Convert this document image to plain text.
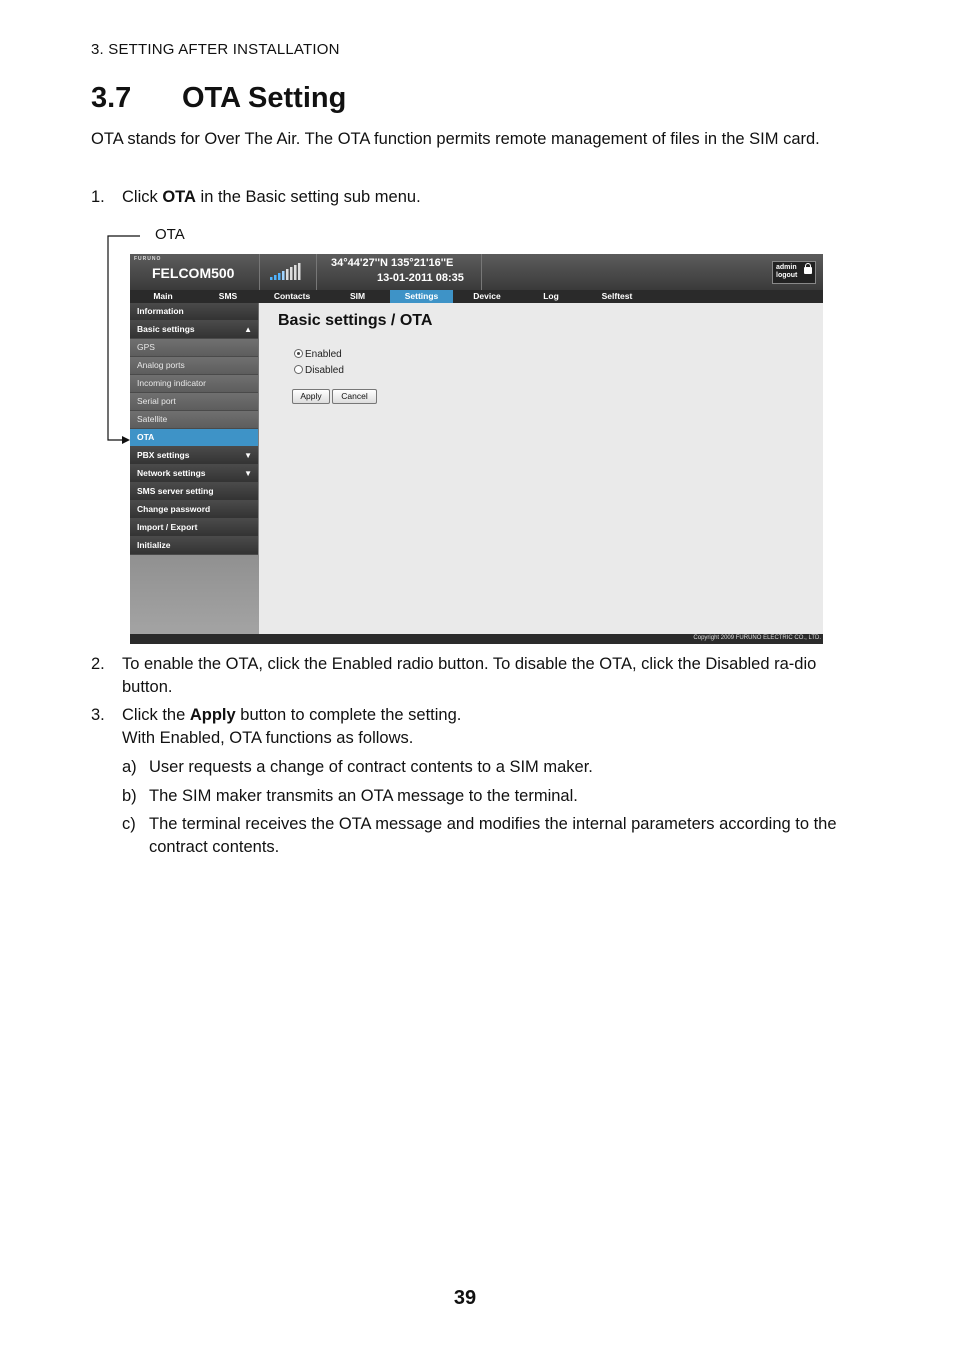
3. SETTING AFTER INSTALLATION
3.7 OTA Setting
OTA stands for Over The Air. The OTA function permits remote management of files in the SIM card.
1. Click OTA in the Basic setting sub menu.
OTA
FURUNO
FELCOM500
34°44'27''N 135°21'16''E
13-01-2011 08:35
admin
logout
Main	SMS	Contacts	SIM	Settings	Device	Log	Selftest
Information
Basic settings	▲
GPS
Analog ports
Incoming indicator
Serial port
Satellite
OTA
PBX settings	▼
Network settings	▼
SMS server setting
Change password
Import / Export
Initialize
Basic settings / OTA
Enabled
Disabled
Apply	Cancel
Copyright 2009 FURUNO ELECTRIC CO., LTD.
2. To enable the OTA, click the Enabled radio button. To disable the OTA, click the Disabled ra-dio button.
3. Click the Apply button to complete the setting.
With Enabled, OTA functions as follows.
a) User requests a change of contract contents to a SIM maker.
b) The SIM maker transmits an OTA message to the terminal.
c) The terminal receives the OTA message and modifies the internal parameters according to the contract contents.
39
